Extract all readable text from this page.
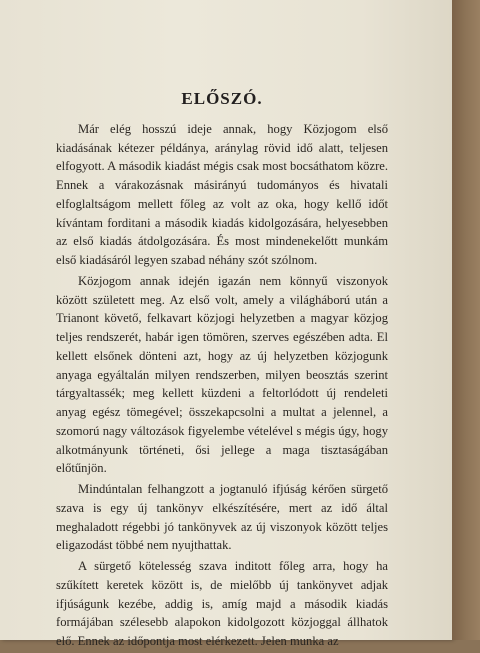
ELŐSZÓ.

Már elég hosszú ideje annak, hogy Közjogom első kiadásának kétezer példánya, aránylag rövid idő alatt, teljesen elfogyott. A második kiadást mégis csak most bocsáthatom közre. Ennek a várakozásnak másirányú tudományos és hivatali elfoglaltságom mellett főleg az volt az oka, hogy kellő időt kívántam forditani a második kiadás kidolgozására, helyesebben az első kiadás átdolgozására. És most mindenekelőtt munkám első kiadásáról legyen szabad néhány szót szólnom.

Közjogom annak idején igazán nem könnyű viszonyok között született meg. Az első volt, amely a világháború után a Trianont követő, felkavart közjogi helyzetben a magyar közjog teljes rendszerét, habár igen tömören, szerves egészében adta. El kellett elsőnek dönteni azt, hogy az új helyzetben közjogunk anyaga egyáltalán milyen rendszerben, milyen beosztás szerint tárgyaltassék; meg kellett küzdeni a feltorlódott új rendeleti anyag egész tömegével; összekapcsolni a multat a jelennel, a szomorú nagy változások figyelembe vételével s mégis úgy, hogy alkotmányunk történeti, ősi jellege a maga tisztaságában előtűnjön.

Mindúntalan felhangzott a jogtanuló ifjúság kérően sürgető szava is egy új tankönyv elkészítésére, mert az idő által meghaladott régebbi jó tankönyvek az új viszonyok között teljes eligazodást többé nem nyujthattak.

A sürgető kötelesség szava inditott főleg arra, hogy ha szűkített keretek között is, de mielőbb új tankönyvet adjak ifjúságunk kezébe, addig is, amíg majd a második kiadás formájában szélesebb alapokon kidolgozott közjoggal állhatok elő. Ennek az időpontja most elérkezett. Jelen munka az
